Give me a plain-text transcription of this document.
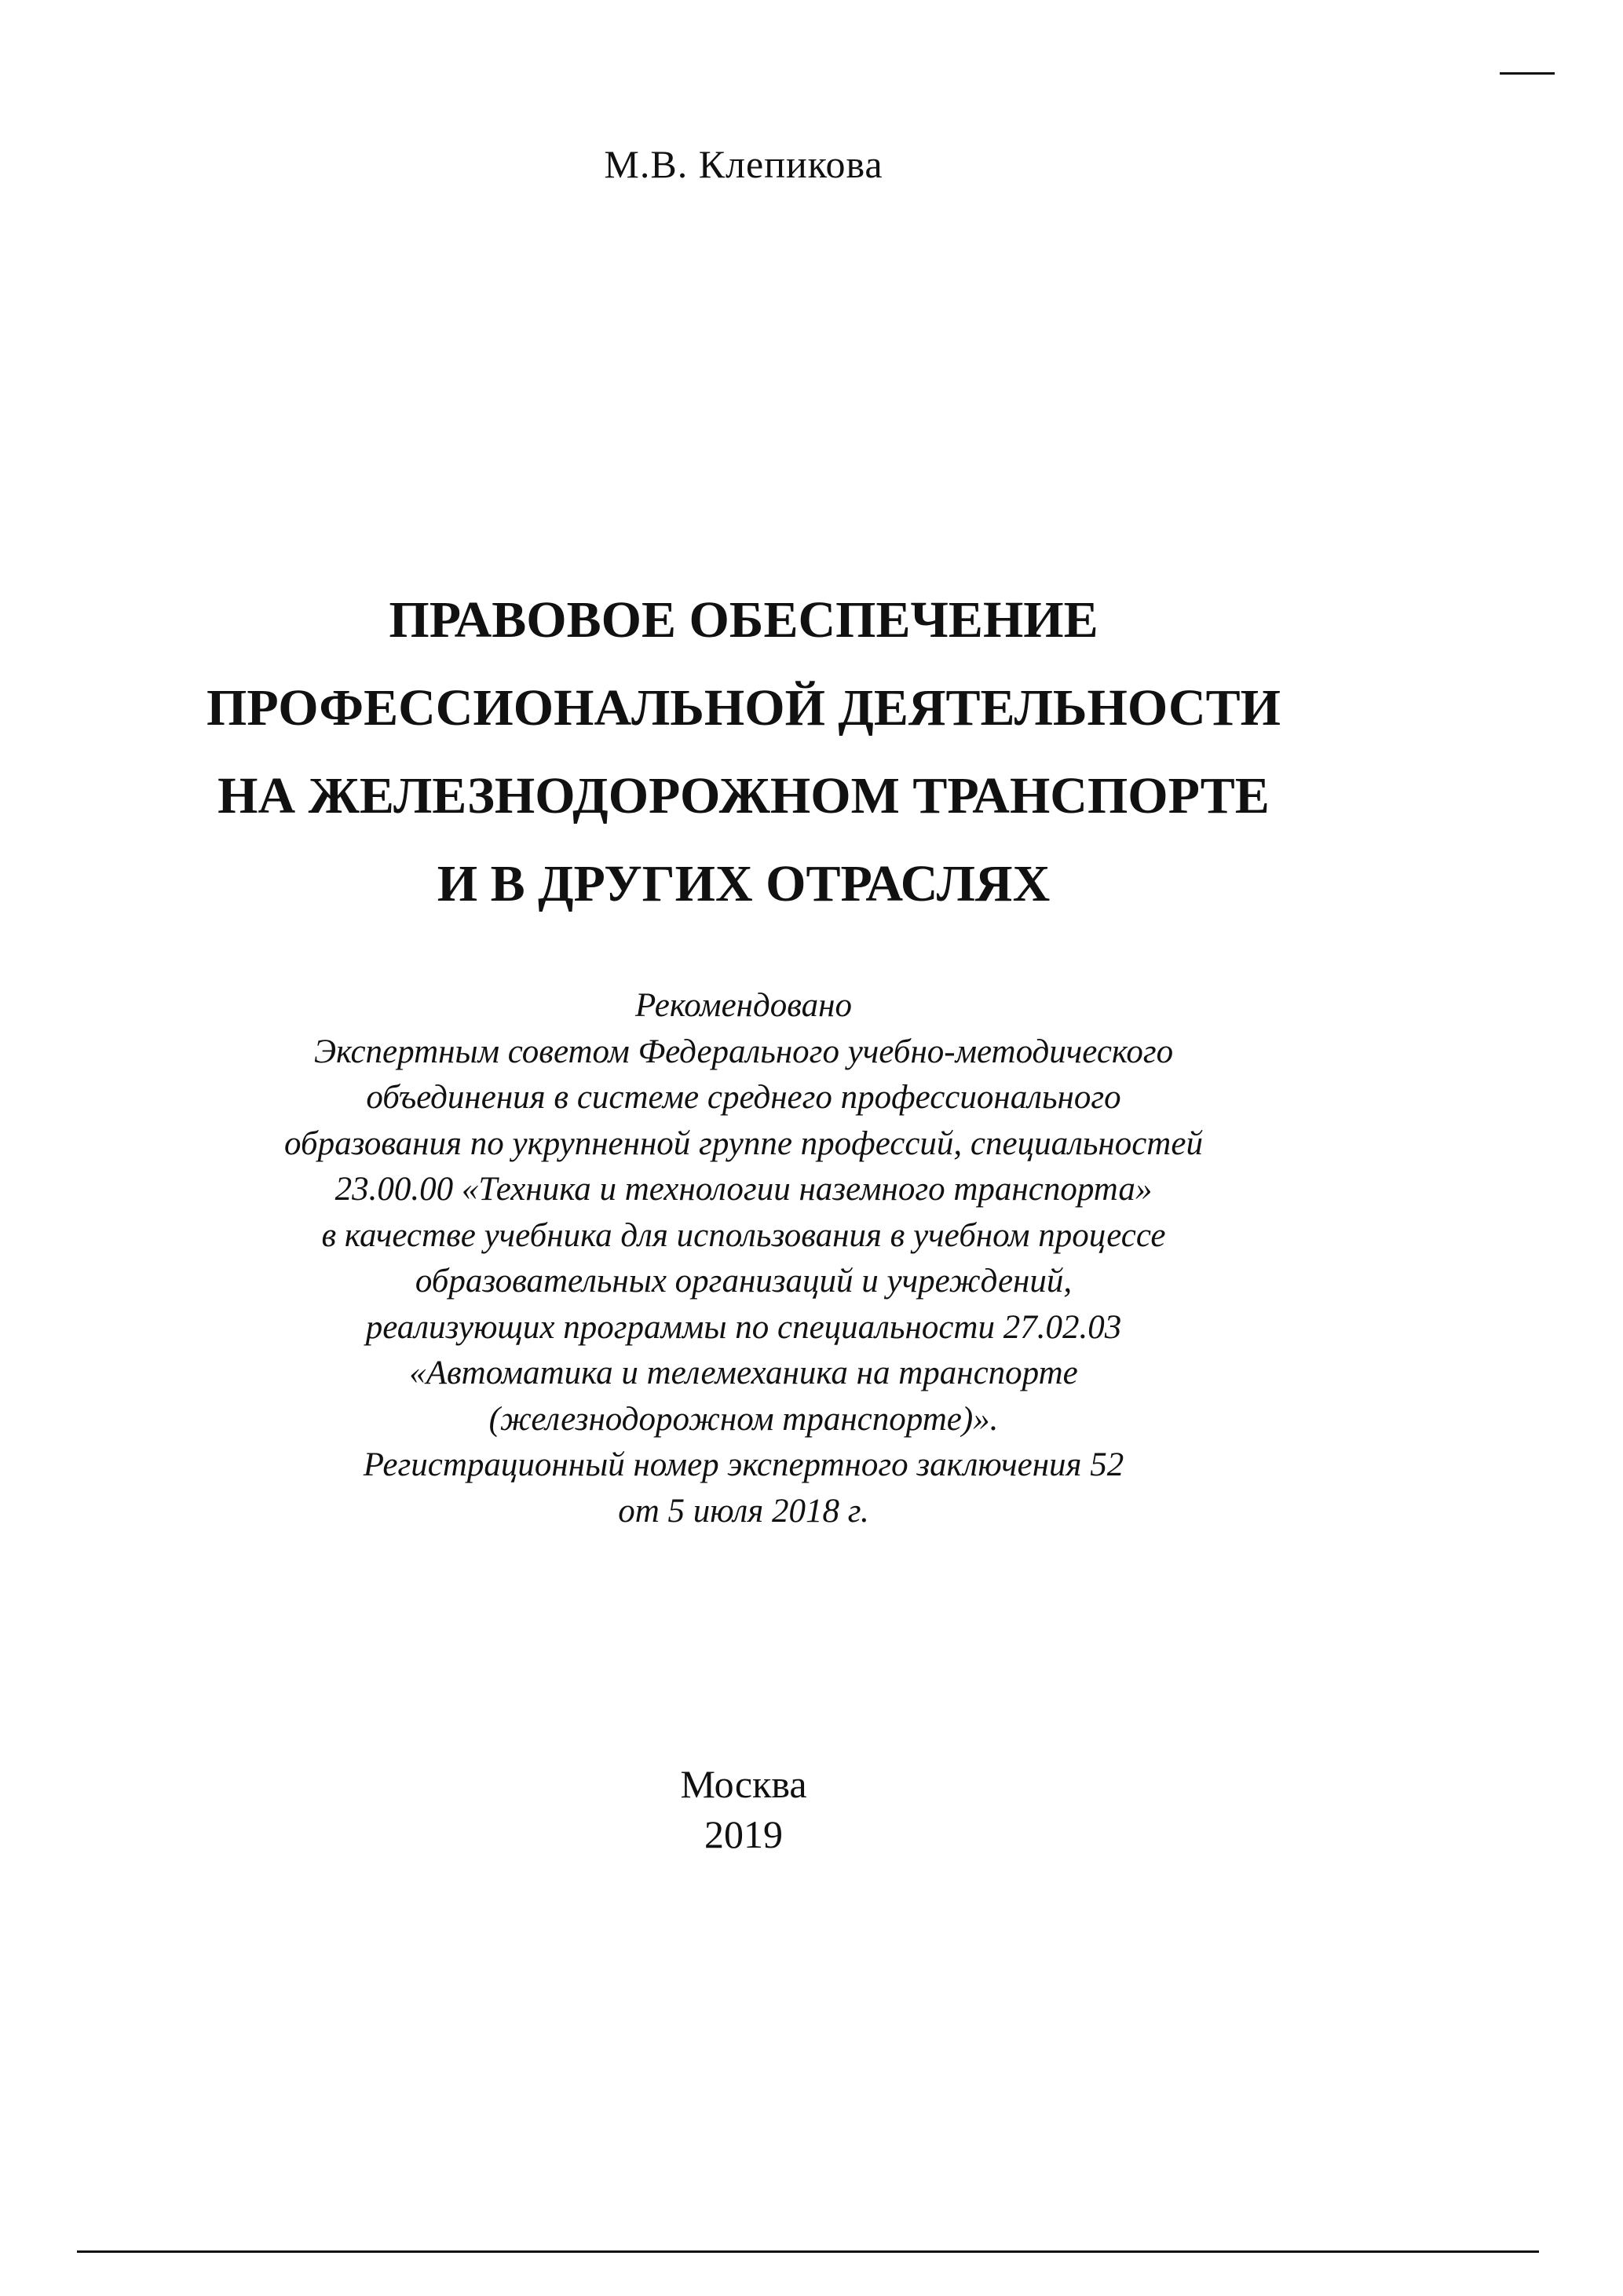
М.В. Клепикова
ПРАВОВОЕ ОБЕСПЕЧЕНИЕ
ПРОФЕССИОНАЛЬНОЙ ДЕЯТЕЛЬНОСТИ
НА ЖЕЛЕЗНОДОРОЖНОМ ТРАНСПОРТЕ
И В ДРУГИХ ОТРАСЛЯХ
Рекомендовано
Экспертным советом Федерального учебно-методического
объединения в системе среднего профессионального
образования по укрупненной группе профессий, специальностей
23.00.00 «Техника и технологии наземного транспорта»
в качестве учебника для использования в учебном процессе
образовательных организаций и учреждений,
реализующих программы по специальности 27.02.03
«Автоматика и телемеханика на транспорте
(железнодорожном транспорте)».
Регистрационный номер экспертного заключения 52
от 5 июля 2018 г.
Москва
2019
